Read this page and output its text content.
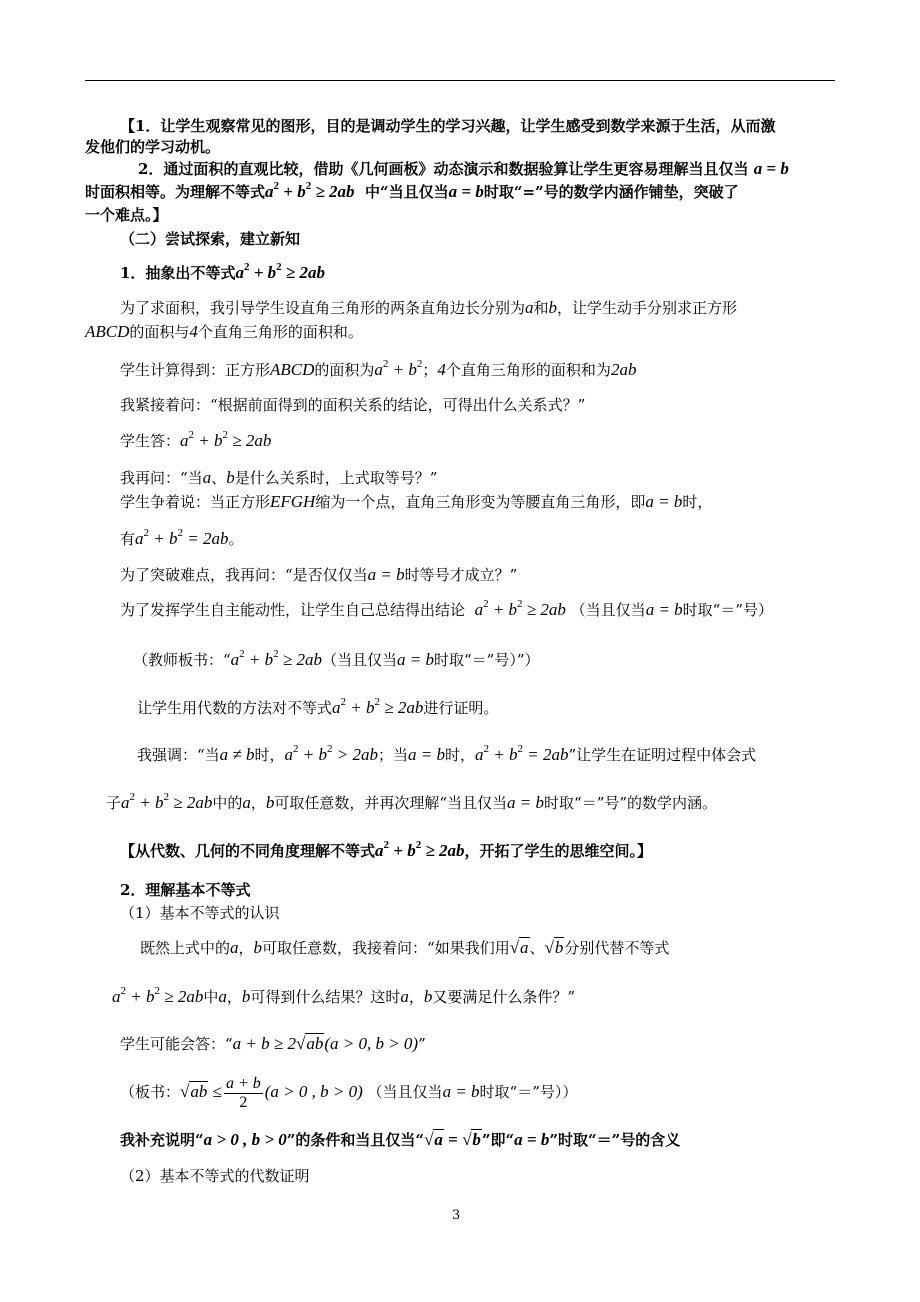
【1．让学生观察常见的图形，目的是调动学生的学习兴趣，让学生感受到数学来源于生活，从而激
发他们的学习动机。
2．通过面积的直观比较，借助《几何画板》动态演示和数据验算让学生更容易理解当且仅当 a = b
时面积相等。为理解不等式$a^2 + b^2 \ge 2ab$ 中“当且仅当a = b时取“=”号的数学内涵作铺垫，突破了
一个难点。】
（二）尝试探索，建立新知
1．抽象出不等式$a^2 + b^2 \ge 2ab$
为了求面积，我引导学生设直角三角形的两条直角边长分别为a和b，让学生动手分别求正方形
ABCD的面积与4个直角三角形的面积和。
学生计算得到：正方形ABCD的面积为$a^2 + b^2$；4个直角三角形的面积和为2ab
我紧接着问：“根据前面得到的面积关系的结论，可得出什么关系式？”
学生答：$a^2 + b^2 \ge 2ab$
我再问：“当a、b是什么关系时，上式取等号？”
学生争着说：当正方形EFGH缩为一个点，直角三角形变为等腰直角三角形，即a = b时，
有$a^2 + b^2 = 2ab$。
为了突破难点，我再问：“是否仅仅当a = b时等号才成立？”
为了发挥学生自主能动性，让学生自己总结得出结论 $a^2 + b^2 \ge 2ab$ （当且仅当a = b时取“＝”号）
（教师板书：“$a^2 + b^2 \ge 2ab$（当且仅当a = b时取“＝”号）”）
让学生用代数的方法对不等式$a^2 + b^2 \ge 2ab$进行证明。
我强调：“当a ≠ b时，$a^2 + b^2 > 2ab$；当a = b时，$a^2 + b^2 = 2ab$”让学生在证明过程中体会式
子$a^2 + b^2 \ge 2ab$中的a，b可取任意数，并再次理解“当且仅当a = b时取“＝”号”的数学内涵。
【从代数、几何的不同角度理解不等式$a^2 + b^2 \ge 2ab$，开拓了学生的思维空间。】
2．理解基本不等式
（1）基本不等式的认识
既然上式中的a，b可取任意数，我接着问：“如果我们用√a、√b分别代替不等式
$a^2 + b^2 \ge 2ab$中a，b可得到什么结果？这时a，b又要满足什么条件？”
学生可能会答：“a + b ≥ 2√ab(a > 0, b > 0)”
（板书：$√ab \le \frac{a + b}{2} (a > 0$ , b > 0) （当且仅当a = b时取“＝”号））
我补充说明“a > 0 , b > 0”的条件和当且仅当“√a = √b”即“a = b”时取“＝”号的含义
（2）基本不等式的代数证明
3
